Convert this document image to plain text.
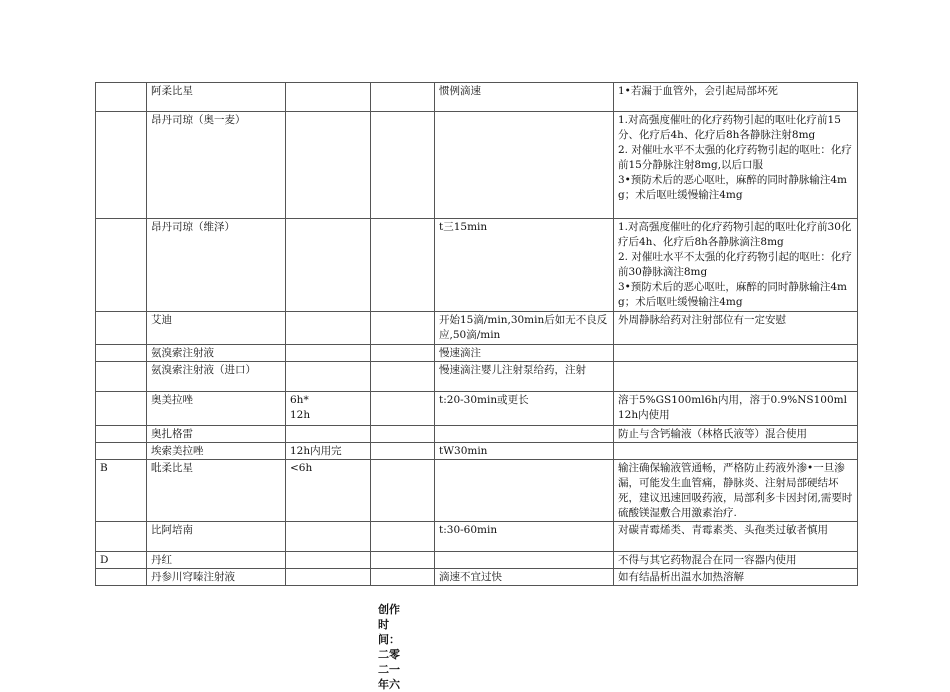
	阿柔比星			惯例滴速	1•若漏于血管外，会引起局部坏死
	昂丹司琼（奥一麦）				1.对高强度催吐的化疗药物引起的呕吐化疗前15分、化疗后4h、化疗后8h各静脉注射8mg
2. 对催吐水平不太强的化疗药物引起的呕吐：化疗前15分静脉注射8mg,以后口服
3•预防术后的恶心呕吐，麻醉的同时静脉输注4mg；术后呕吐缓慢输注4mg
	昂丹司琼（维泽）			t三15min	1.对高强度催吐的化疗药物引起的呕吐化疗前30化疗后4h、化疗后8h各静脉滴注8mg
2. 对催吐水平不太强的化疗药物引起的呕吐：化疗前30静脉滴注8mg
3•预防术后的恶心呕吐，麻醉的同时静脉输注4mg；术后呕吐缓慢输注4mg
	艾迪			开始15滴/min,30min后如无不良反应,50滴/min	外周静脉给药对注射部位有一定安慰
	氨溴索注射液			慢速滴注	
	氨溴索注射液（进口）			慢速滴注婴儿注射泵给药，注射	
	奥美拉唑	6h*
12h		t:20-30min或更长	溶于5%GS100ml6h内用，溶于0.9%NS100ml12h内使用
	奥扎格雷				防止与含钙输液（林格氏液等）混合使用
	埃索美拉唑	12h内用完		tW30min	
B	吡柔比星	<6h			输注确保输液管通畅，严格防止药液外渗•一旦渗漏，可能发生血管痛，静脉炎、注射局部硬结坏死，建议迅速回吸药液，局部利多卡因封闭,需要时硫酸镁湿敷合用激素治疗.
	比阿培南			t:30-60min	对碳青霉烯类、青霉素类、头孢类过敏者慎用
D	丹红				不得与其它药物混合在同一容器内使用
	丹参川穹嗪注射液			滴速不宜过快	如有结晶析出温水加热溶解
创作时间：二零二一年六
